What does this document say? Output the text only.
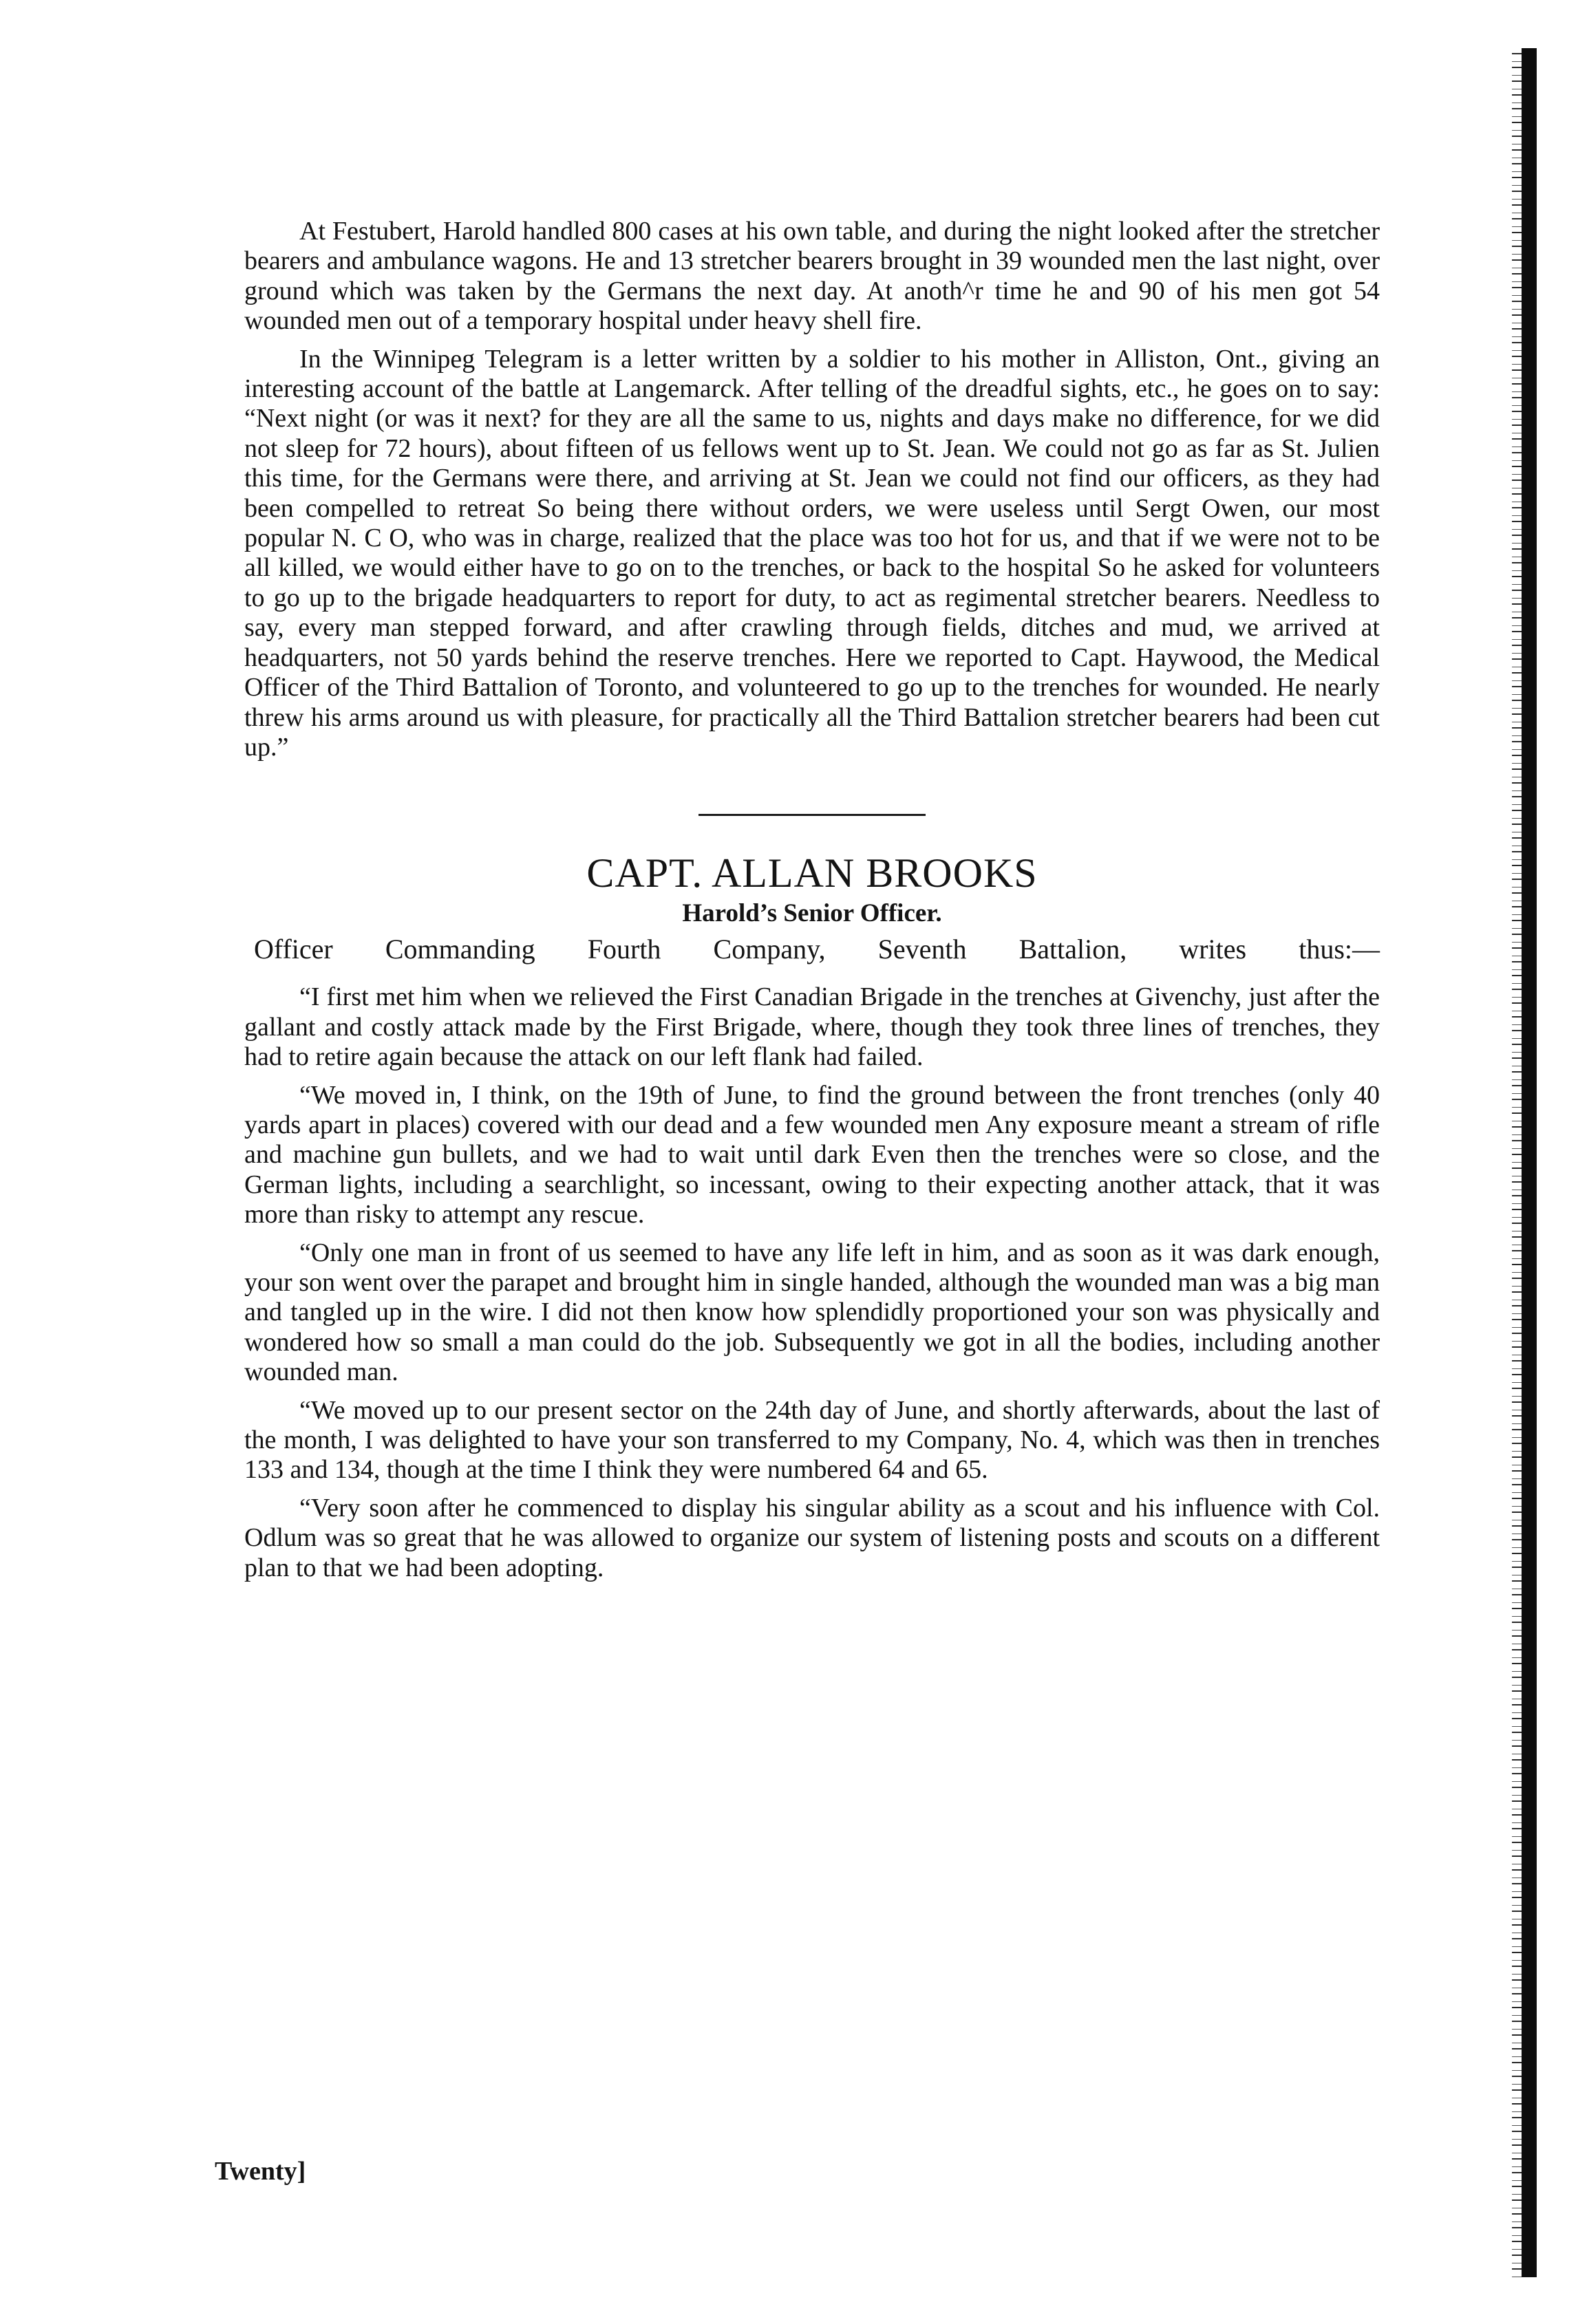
At Festubert, Harold handled 800 cases at his own table, and during the night looked after the stretcher bearers and ambulance wagons. He and 13 stretcher bearers brought in 39 wounded men the last night, over ground which was taken by the Germans the next day. At anoth^r time he and 90 of his men got 54 wounded men out of a temporary hospital under heavy shell fire.

In the Winnipeg Telegram is a letter written by a soldier to his mother in Alliston, Ont., giving an interesting account of the battle at Langemarck. After telling of the dreadful sights, etc., he goes on to say: “Next night (or was it next? for they are all the same to us, nights and days make no difference, for we did not sleep for 72 hours), about fifteen of us fellows went up to St. Jean. We could not go as far as St. Julien this time, for the Germans were there, and arriving at St. Jean we could not find our officers, as they had been compelled to retreat So being there without orders, we were useless until Sergt Owen, our most popular N. C O, who was in charge, realized that the place was too hot for us, and that if we were not to be all killed, we would either have to go on to the trenches, or back to the hospital So he asked for volunteers to go up to the brigade headquarters to report for duty, to act as regimental stretcher bearers. Needless to say, every man stepped forward, and after crawling through fields, ditches and mud, we arrived at headquarters, not 50 yards behind the reserve trenches. Here we reported to Capt. Haywood, the Medical Officer of the Third Battalion of Toronto, and volunteered to go up to the trenches for wounded. He nearly threw his arms around us with pleasure, for practically all the Third Battalion stretcher bearers had been cut up.”

CAPT. ALLAN BROOKS
Harold’s Senior Officer.
Officer Commanding Fourth Company, Seventh Battalion, writes thus:—

“I first met him when we relieved the First Canadian Brigade in the trenches at Givenchy, just after the gallant and costly attack made by the First Brigade, where, though they took three lines of trenches, they had to retire again because the attack on our left flank had failed.

“We moved in, I think, on the 19th of June, to find the ground between the front trenches (only 40 yards apart in places) covered with our dead and a few wounded men Any exposure meant a stream of rifle and machine gun bullets, and we had to wait until dark Even then the trenches were so close, and the German lights, including a searchlight, so incessant, owing to their expecting another attack, that it was more than risky to attempt any rescue.

“Only one man in front of us seemed to have any life left in him, and as soon as it was dark enough, your son went over the parapet and brought him in single handed, although the wounded man was a big man and tangled up in the wire. I did not then know how splendidly proportioned your son was physically and wondered how so small a man could do the job. Subsequently we got in all the bodies, including another wounded man.

“We moved up to our present sector on the 24th day of June, and shortly afterwards, about the last of the month, I was delighted to have your son transferred to my Company, No. 4, which was then in trenches 133 and 134, though at the time I think they were numbered 64 and 65.

“Very soon after he commenced to display his singular ability as a scout and his influence with Col. Odlum was so great that he was allowed to organize our system of listening posts and scouts on a different plan to that we had been adopting.

Twenty]
